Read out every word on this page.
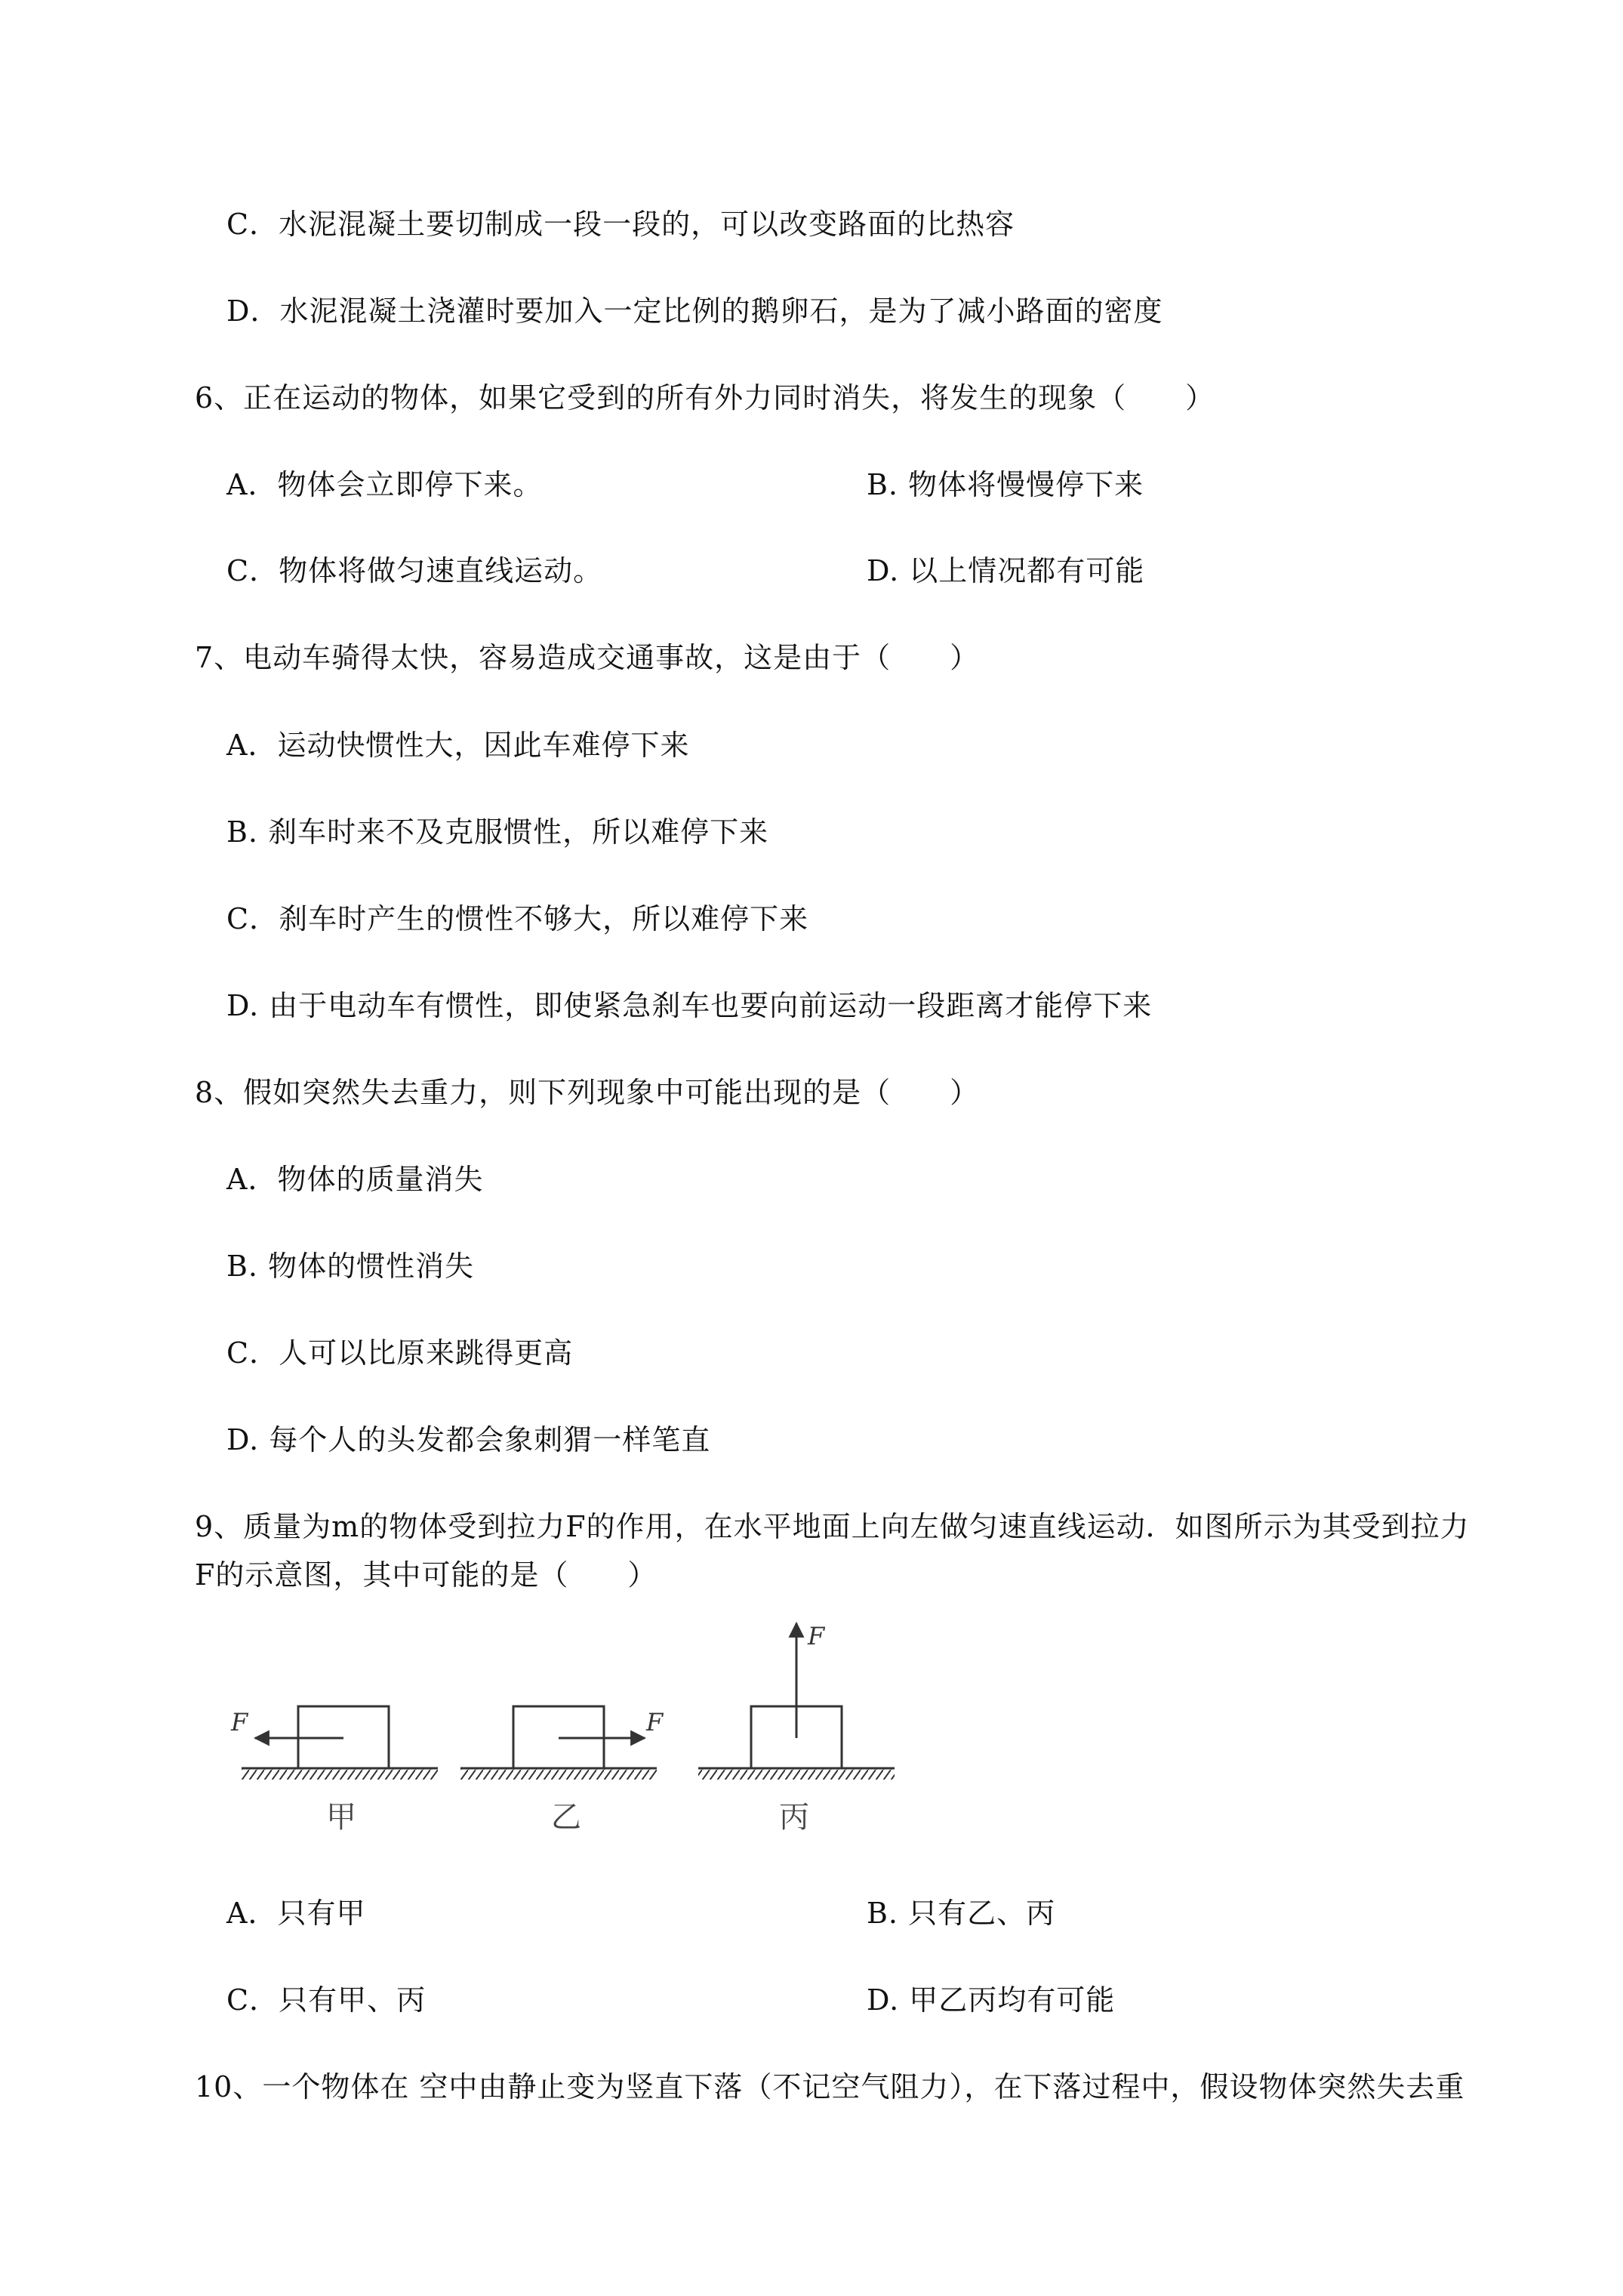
C．水泥混凝土要切制成一段一段的，可以改变路面的比热容
D．水泥混凝土浇灌时要加入一定比例的鹅卵石，是为了减小路面的密度
6、正在运动的物体，如果它受到的所有外力同时消失，将发生的现象（　　）
A．物体会立即停下来。	B. 物体将慢慢停下来
C．物体将做匀速直线运动。	D. 以上情况都有可能
7、电动车骑得太快，容易造成交通事故，这是由于（　　）
A．运动快惯性大，因此车难停下来
B. 刹车时来不及克服惯性，所以难停下来
C．刹车时产生的惯性不够大，所以难停下来
D. 由于电动车有惯性，即使紧急刹车也要向前运动一段距离才能停下来
8、假如突然失去重力，则下列现象中可能出现的是（　　）
A．物体的质量消失
B. 物体的惯性消失
C．人可以比原来跳得更高
D. 每个人的头发都会象刺猬一样笔直
9、质量为m的物体受到拉力F的作用，在水平地面上向左做匀速直线运动．如图所示为其受到拉力
F的示意图，其中可能的是（　　）
F
甲
F
乙
F
丙
A．只有甲	B. 只有乙、丙
C．只有甲、丙	D. 甲乙丙均有可能
10、一个物体在 空中由静止变为竖直下落（不记空气阻力），在下落过程中，假设物体突然失去重
